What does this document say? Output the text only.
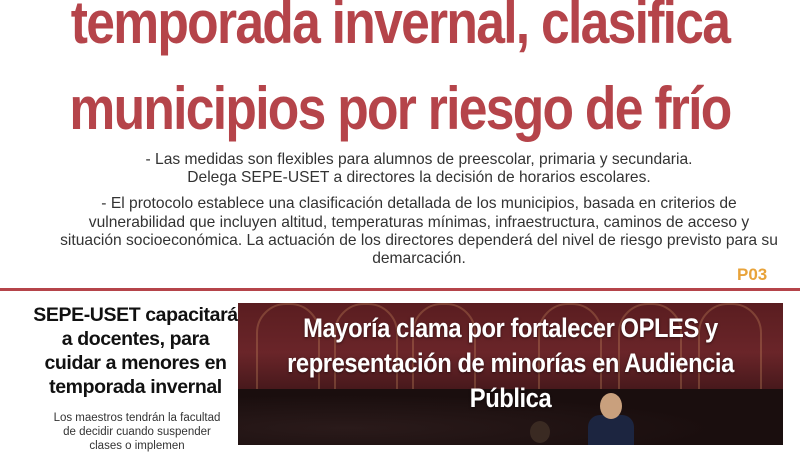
temporada invernal, clasifica
municipios por riesgo de frío

- Las medidas son flexibles para alumnos de preescolar, primaria y secundaria.
Delega SEPE-USET a directores la decisión de horarios escolares.

- El protocolo establece una clasificación detallada de los municipios, basada en criterios de vulnerabilidad que incluyen altitud, temperaturas mínimas, infraestructura, caminos de acceso y situación socioeconómica. La actuación de los directores dependerá del nivel de riesgo previsto para su demarcación.

P03
SEPE-USET capacitará a docentes, para cuidar a menores en temporada invernal

Los maestros tendrán la facultad de decidir cuando suspender clases o implemen

Mayoría clama por fortalecer OPLES y representación de minorías en Audiencia Pública
